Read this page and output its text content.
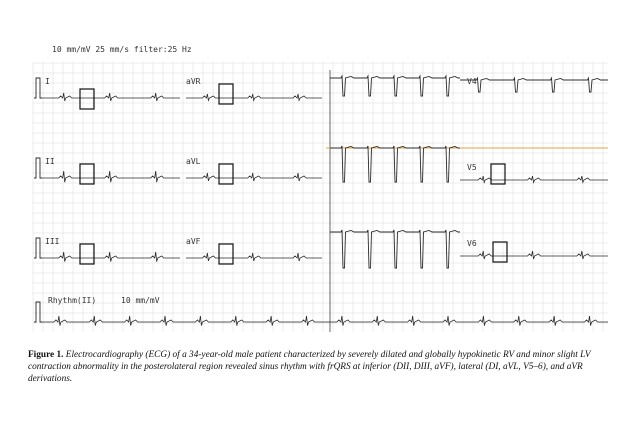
10 mm/mV 25 mm/s filter:25 Hz
I	aVR	V4
II	aVL
V5
III	aVF	V6
Rhythm(II)	10 mm/mV

Figure 1. Electrocardiography (ECG) of a 34-year-old male patient characterized by severely dilated and globally hypokinetic RV and minor slight LV contraction abnormality in the posterolateral region revealed sinus rhythm with frQRS at inferior (DII, DIII, aVF), lateral (DI, aVL, V5–6), and aVR derivations.
